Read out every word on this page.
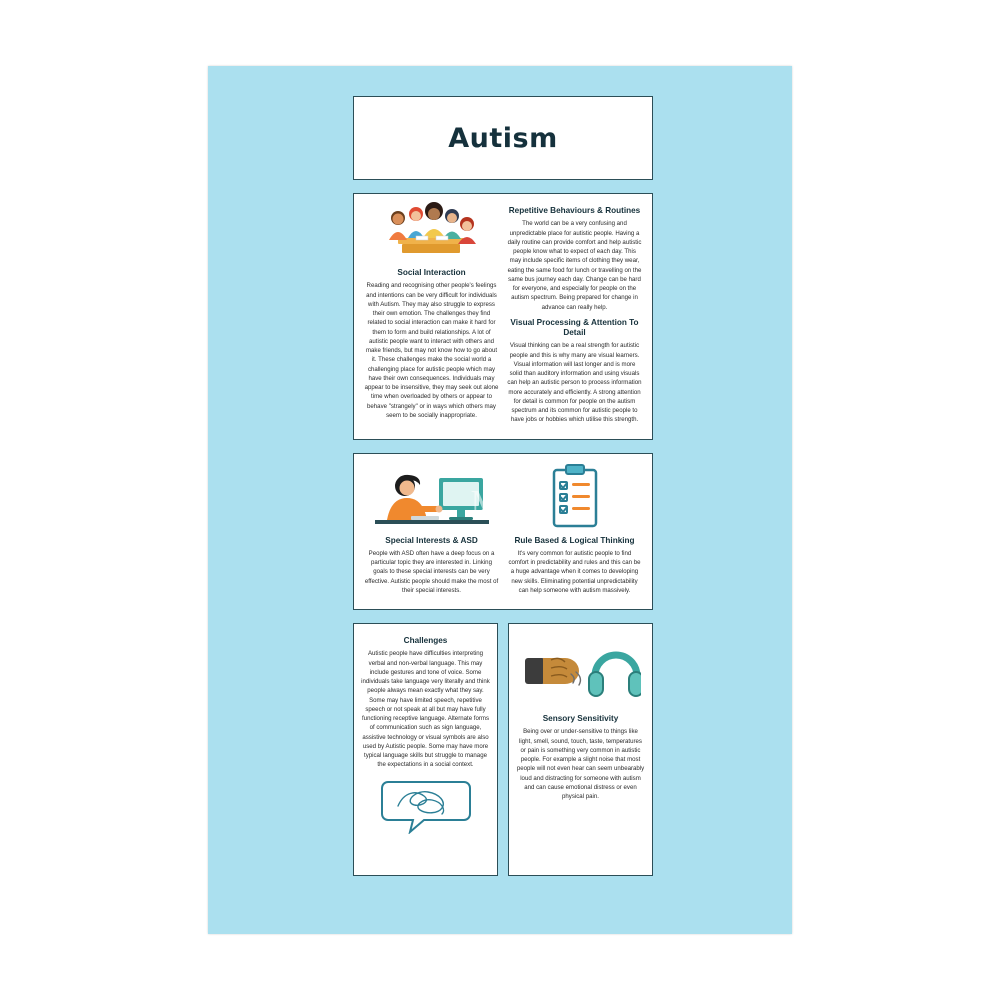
Autism
Social Interaction

Reading and recognising other people's feelings and intentions can be very difficult for individuals with Autism. They may also struggle to express their own emotion. The challenges they find related to social interaction can make it hard for them to form and build relationships. A lot of autistic people want to interact with others and make friends, but may not know how to go about it. These challenges make the social world a challenging place for autistic people which may have their own consequences. Individuals may appear to be insensitive, they may seek out alone time when overloaded by others or appear to behave "strangely" or in ways which others may seem to be socially inappropriate.

Repetitive Behaviours & Routines

The world can be a very confusing and unpredictable place for autistic people. Having a daily routine can provide comfort and help autistic people know what to expect of each day. This may include specific items of clothing they wear, eating the same food for lunch or travelling on the same bus journey each day. Change can be hard for everyone, and especially for people on the autism spectrum. Being prepared for change in advance can really help.

Visual Processing & Attention To Detail

Visual thinking can be a real strength for autistic people and this is why many are visual learners. Visual information will last longer and is more solid than auditory information and using visuals can help an autistic person to process information more accurately and efficiently. A strong attention for detail is common for people on the autism spectrum and its common for autistic people to have jobs or hobbies which utilise this strength.

Special Interests & ASD

People with ASD often have a deep focus on a particular topic they are interested in. Linking goals to these special interests can be very effective. Autistic people should make the most of their special interests.

Rule Based & Logical Thinking

It's very common for autistic people to find comfort in predictability and rules and this can be a huge advantage when it comes to developing new skills. Eliminating potential unpredictability can help someone with autism massively.

Challenges

Autistic people have difficulties interpreting verbal and non-verbal language. This may include gestures and tone of voice. Some individuals take language very literally and think people always mean exactly what they say. Some may have limited speech, repetitive speech or not speak at all but may have fully functioning receptive language. Alternate forms of communication such as sign language, assistive technology or visual symbols are also used by Autistic people. Some may have more typical language skills but struggle to manage the expectations in a social context.

Sensory Sensitivity

Being over or under-sensitive to things like light, smell, sound, touch, taste, temperatures or pain is something very common in autistic people. For example a slight noise that most people will not even hear can seem unbearably loud and distracting for someone with autism and can cause emotional distress or even physical pain.

MU
